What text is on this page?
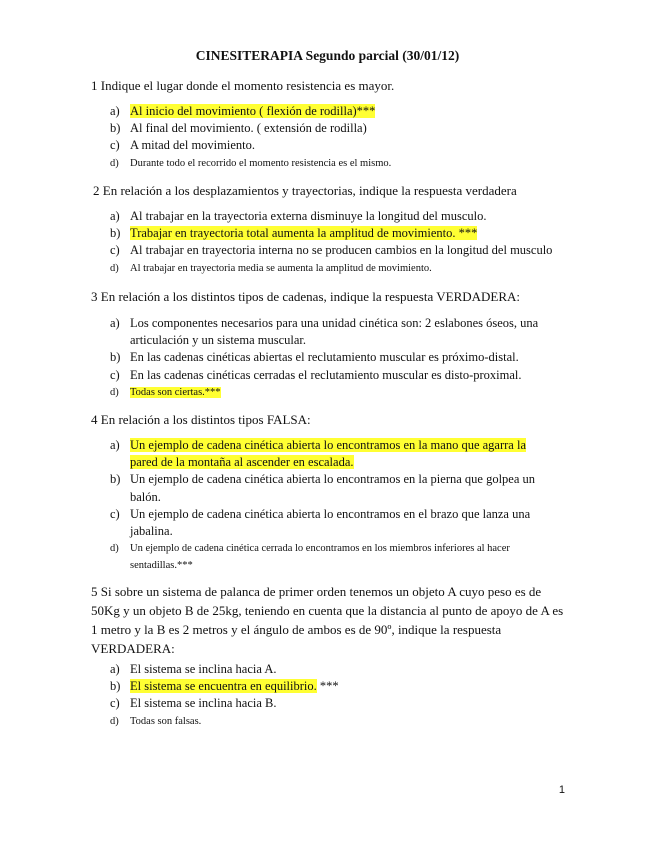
CINESITERAPIA Segundo parcial (30/01/12)
1 Indique el lugar donde el momento resistencia es mayor.
a) Al inicio del movimiento ( flexión de rodilla)***
b) Al final del movimiento. ( extensión de rodilla)
c) A mitad del movimiento.
d) Durante todo el recorrido el momento resistencia es el mismo.
2 En relación a los desplazamientos y trayectorias, indique la respuesta verdadera
a) Al trabajar en la trayectoria externa disminuye la longitud del musculo.
b) Trabajar en trayectoria total aumenta la amplitud de movimiento. ***
c) Al trabajar en trayectoria interna no se producen cambios en la longitud del musculo
d) Al trabajar en trayectoria media se aumenta la amplitud de movimiento.
3 En relación a los distintos tipos de cadenas, indique la respuesta VERDADERA:
a) Los componentes necesarios para una unidad cinética son: 2 eslabones óseos, una articulación y un sistema muscular.
b) En las cadenas cinéticas abiertas el reclutamiento muscular es próximo-distal.
c) En las cadenas cinéticas cerradas el reclutamiento muscular es disto-proximal.
d) Todas son ciertas.***
4 En relación a los distintos tipos FALSA:
a) Un ejemplo de cadena cinética abierta lo encontramos en la mano que agarra la pared de la montaña al ascender en escalada.
b) Un ejemplo de cadena cinética abierta lo encontramos en la pierna que golpea un balón.
c) Un ejemplo de cadena cinética abierta lo encontramos en el brazo que lanza una jabalina.
d) Un ejemplo de cadena cinética cerrada lo encontramos en los miembros inferiores al hacer sentadillas.***
5 Si sobre un sistema de palanca de primer orden tenemos un objeto A cuyo peso es de 50Kg y un objeto B de 25kg, teniendo en cuenta que la distancia al punto de apoyo de A es 1 metro y la B es 2 metros y el ángulo de ambos es de 90º, indique la respuesta VERDADERA:
a) El sistema se inclina hacia A.
b) El sistema se encuentra en equilibrio. ***
c) El sistema se inclina hacia B.
d) Todas son falsas.
1
